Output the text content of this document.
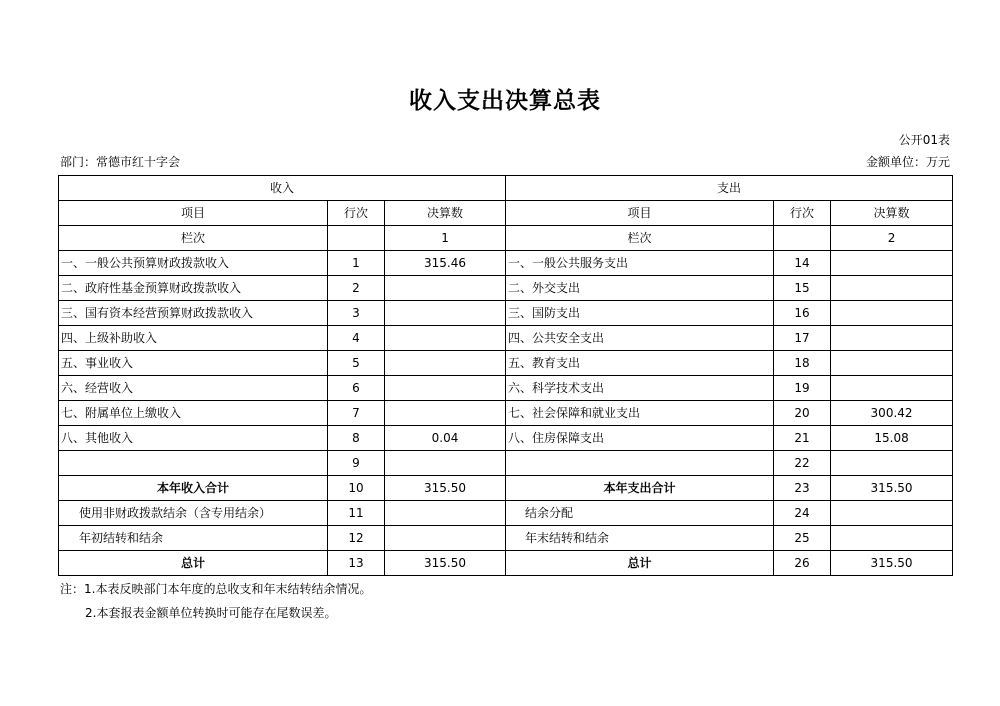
收入支出决算总表
公开01表
部门：常德市红十字会	金额单位：万元
收入			支出		
项目	行次	决算数	项目	行次	决算数
栏次		1	栏次		2
一、一般公共预算财政拨款收入	1	315.46	一、一般公共服务支出	14	
二、政府性基金预算财政拨款收入	2		二、外交支出	15	
三、国有资本经营预算财政拨款收入	3		三、国防支出	16	
四、上级补助收入	4		四、公共安全支出	17	
五、事业收入	5		五、教育支出	18	
六、经营收入	6		六、科学技术支出	19	
七、附属单位上缴收入	7		七、社会保障和就业支出	20	300.42
八、其他收入	8	0.04	八、住房保障支出	21	15.08
	9			22	
本年收入合计	10	315.50	本年支出合计	23	315.50
使用非财政拨款结余（含专用结余）	11		结余分配	24	
年初结转和结余	12		年末结转和结余	25	
总计	13	315.50	总计	26	315.50
注：1.本表反映部门本年度的总收支和年末结转结余情况。
2.本套报表金额单位转换时可能存在尾数误差。
